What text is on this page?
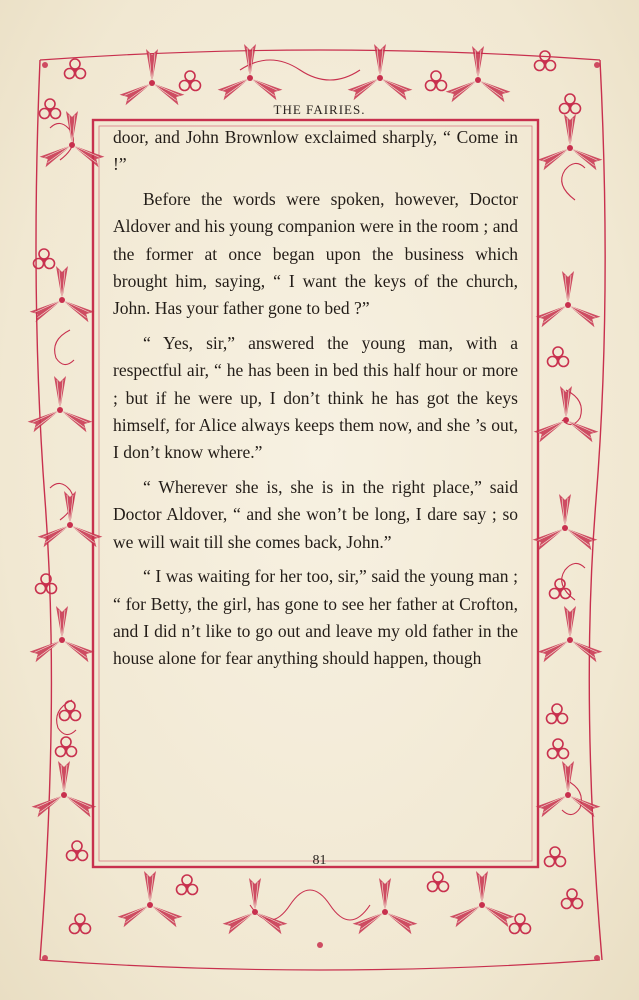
THE FAIRIES.

door, and John Brownlow exclaimed sharply, “ Come in !”

Before the words were spoken, however, Doctor Aldover and his young companion were in the room ; and the former at once began upon the business which brought him, saying, “ I want the keys of the church, John. Has your father gone to bed ?”

“ Yes, sir,” answered the young man, with a respectful air, “ he has been in bed this half hour or more ; but if he were up, I don’t think he has got the keys himself, for Alice always keeps them now, and she ’s out, I don’t know where.”

“ Wherever she is, she is in the right place,” said Doctor Aldover, “ and she won’t be long, I dare say ; so we will wait till she comes back, John.”

“ I was waiting for her too, sir,” said the young man ; “ for Betty, the girl, has gone to see her father at Crofton, and I did n’t like to go out and leave my old father in the house alone for fear anything should happen, though

81
